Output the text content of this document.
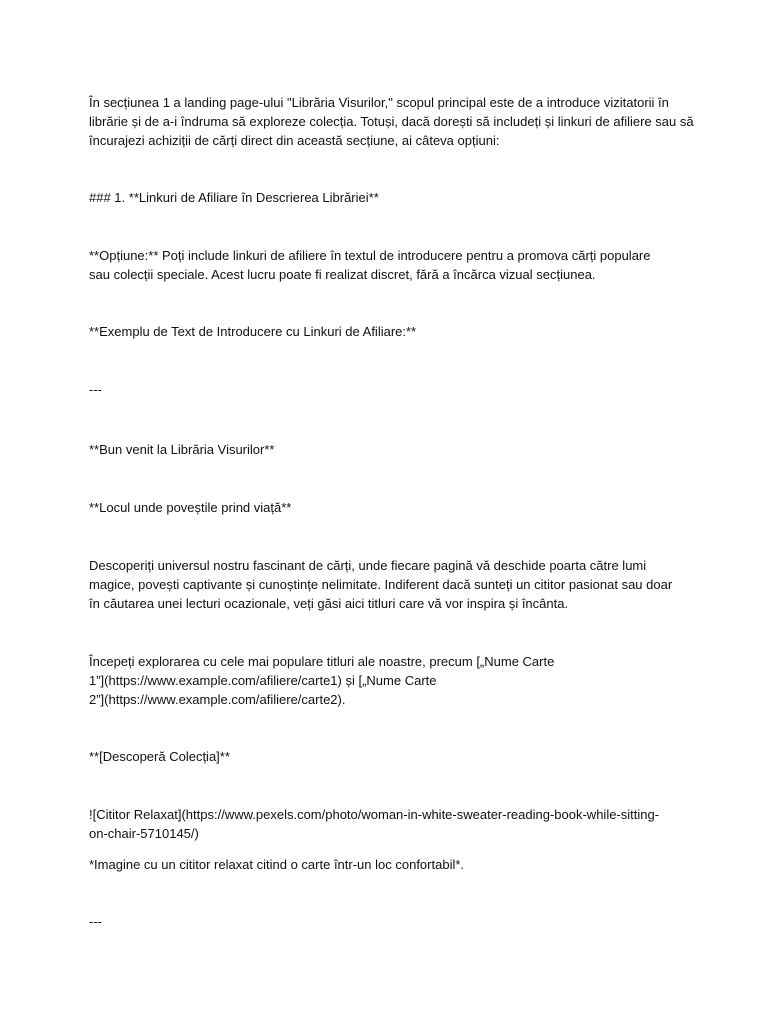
În secțiunea 1 a landing page-ului "Librăria Visurilor," scopul principal este de a introduce vizitatorii în
librărie și de a-i îndruma să exploreze colecția. Totuși, dacă dorești să includeți și linkuri de afiliere sau să
încurajezi achiziții de cărți direct din această secțiune, ai câteva opțiuni:

### 1. **Linkuri de Afiliare în Descrierea Librăriei**

**Opțiune:** Poți include linkuri de afiliere în textul de introducere pentru a promova cărți populare
sau colecții speciale. Acest lucru poate fi realizat discret, fără a încărca vizual secțiunea.

**Exemplu de Text de Introducere cu Linkuri de Afiliare:**

---

**Bun venit la Librăria Visurilor**

**Locul unde poveștile prind viață**

Descoperiți universul nostru fascinant de cărți, unde fiecare pagină vă deschide poarta către lumi
magice, povești captivante și cunoștințe nelimitate. Indiferent dacă sunteți un cititor pasionat sau doar
în căutarea unei lecturi ocazionale, veți găsi aici titluri care vă vor inspira și încânta.

Începeți explorarea cu cele mai populare titluri ale noastre, precum [„Nume Carte
1”](https://www.example.com/afiliere/carte1) și [„Nume Carte
2”](https://www.example.com/afiliere/carte2).

**[Descoperă Colecția]**

![Cititor Relaxat](https://www.pexels.com/photo/woman-in-white-sweater-reading-book-while-sitting-
on-chair-5710145/)

*Imagine cu un cititor relaxat citind o carte într-un loc confortabil*.

---
